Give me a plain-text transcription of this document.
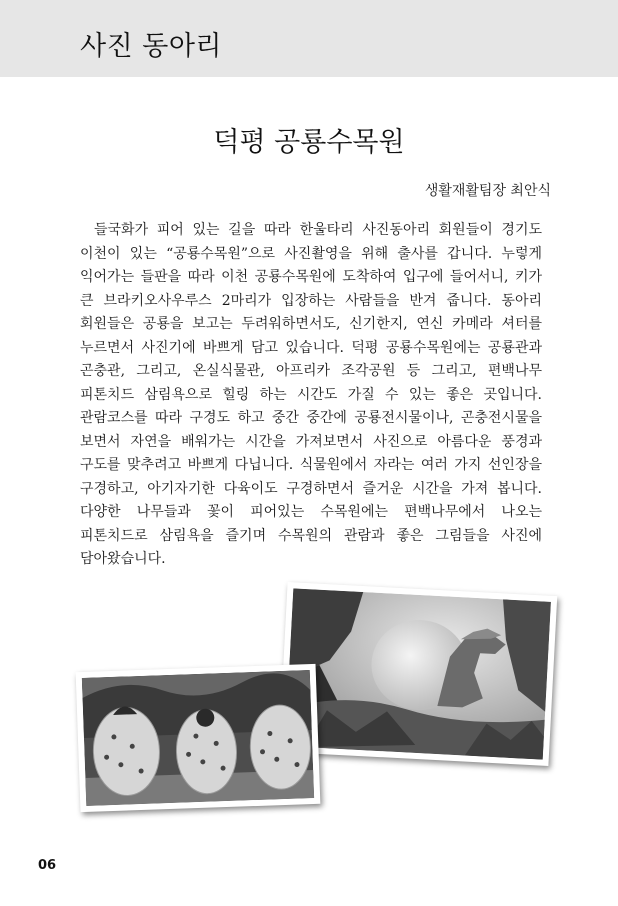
사진 동아리
덕평 공룡수목원
생활재활팀장 최안식
들국화가 피어 있는 길을 따라 한울타리 사진동아리 회원들이 경기도 이천이 있는 “공룡수목원”으로 사진촬영을 위해 출사를 갑니다. 누렇게 익어가는 들판을 따라 이천 공룡수목원에 도착하여 입구에 들어서니, 키가 큰 브라키오사우루스 2마리가 입장하는 사람들을 반겨 줍니다. 동아리 회원들은 공룡을 보고는 두려워하면서도, 신기한지, 연신 카메라 셔터를 누르면서 사진기에 바쁘게 담고 있습니다. 덕평 공룡수목원에는 공룡관과 곤충관, 그리고, 온실식물관, 아프리카 조각공원 등 그리고, 편백나무 피톤치드 삼림욕으로 힐링 하는 시간도 가질 수 있는 좋은 곳입니다. 관람코스를 따라 구경도 하고 중간 중간에 공룡전시물이나, 곤충전시물을 보면서 자연을 배워가는 시간을 가져보면서 사진으로 아름다운 풍경과 구도를 맞추려고 바쁘게 다닙니다. 식물원에서 자라는 여러 가지 선인장을 구경하고, 아기자기한 다육이도 구경하면서 즐거운 시간을 가져 봅니다. 다양한 나무들과 꽃이 피어있는 수목원에는 편백나무에서 나오는 피톤치드로 삼림욕을 즐기며 수목원의 관람과 좋은 그림들을 사진에 담아왔습니다.
06
